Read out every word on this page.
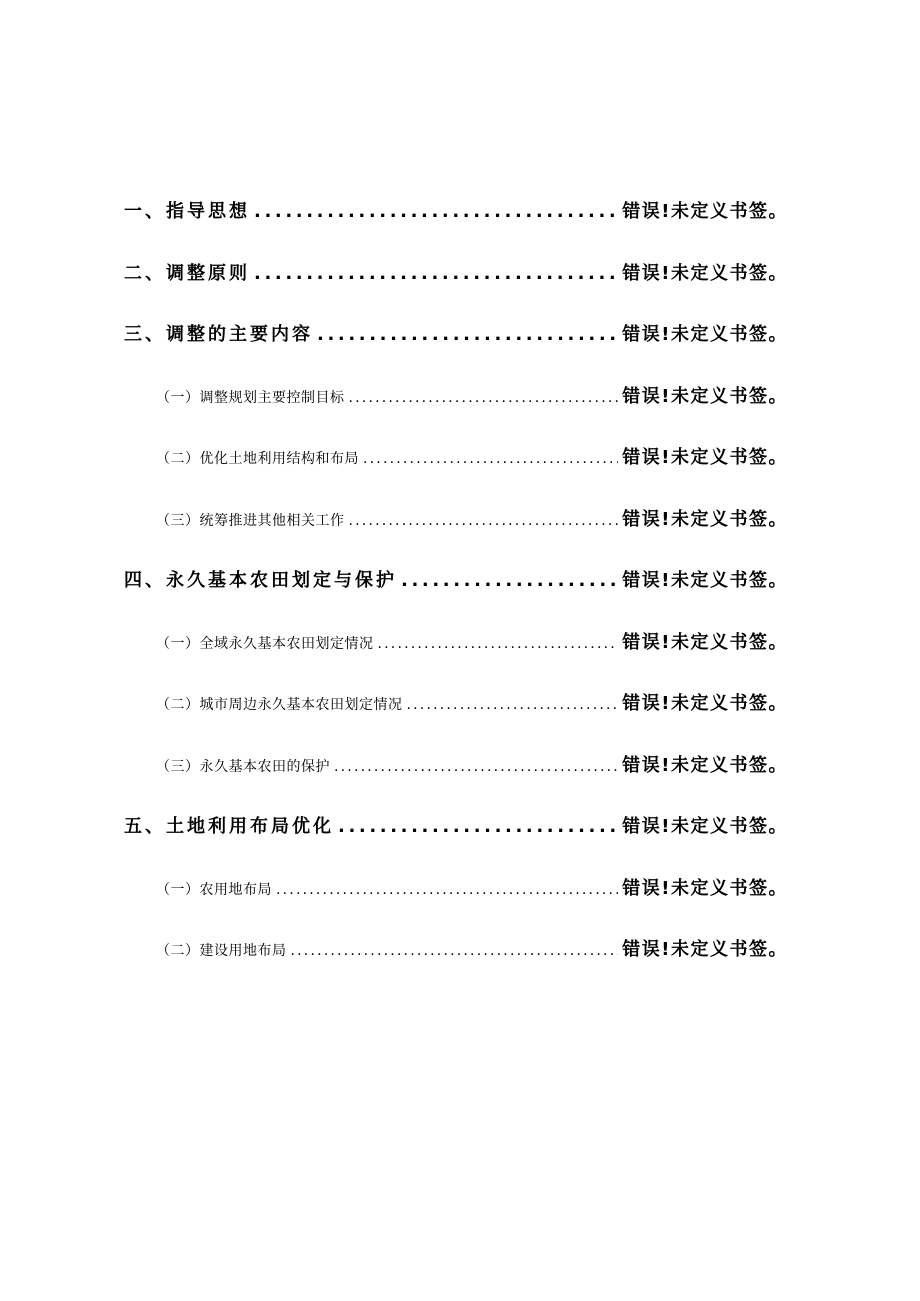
一、指导思想 .....	错误!未定义书签。
二、调整原则 .....	错误!未定义书签。
三、调整的主要内容 .....	错误!未定义书签。
（一）调整规划主要控制目标 .....	错误!未定义书签。
（二）优化土地利用结构和布局 .....	错误!未定义书签。
（三）统筹推进其他相关工作 .....	错误!未定义书签。
四、永久基本农田划定与保护 .....	错误!未定义书签。
（一）全域永久基本农田划定情况 .....	错误!未定义书签。
（二）城市周边永久基本农田划定情况 .....	错误!未定义书签。
（三）永久基本农田的保护 .....	错误!未定义书签。
五、土地利用布局优化 .....	错误!未定义书签。
（一）农用地布局 .....	错误!未定义书签。
（二）建设用地布局 .....	错误!未定义书签。
